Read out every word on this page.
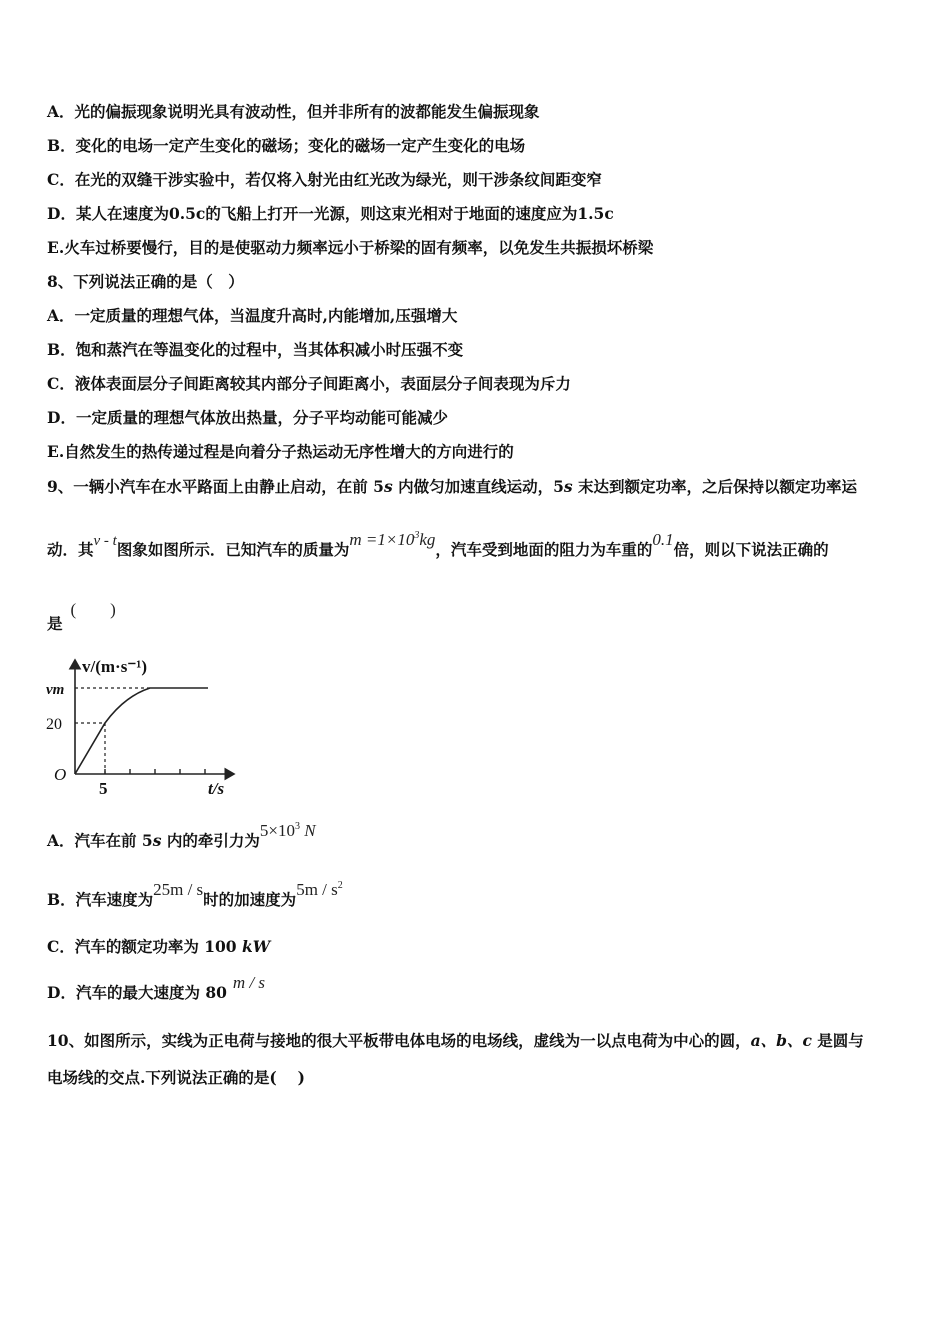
A．光的偏振现象说明光具有波动性，但并非所有的波都能发生偏振现象
B．变化的电场一定产生变化的磁场；变化的磁场一定产生变化的电场
C．在光的双缝干涉实验中，若仅将入射光由红光改为绿光，则干涉条纹间距变窄
D．某人在速度为0.5c的飞船上打开一光源，则这束光相对于地面的速度应为1.5c
E.火车过桥要慢行，目的是使驱动力频率远小于桥梁的固有频率，以免发生共振损坏桥梁
8、下列说法正确的是（　）
A．一定质量的理想气体，当温度升高时,内能增加,压强增大
B．饱和蒸汽在等温变化的过程中，当其体积减小时压强不变
C．液体表面层分子间距离较其内部分子间距离小，表面层分子间表现为斥力
D．一定质量的理想气体放出热量，分子平均动能可能减少
E.自然发生的热传递过程是向着分子热运动无序性增大的方向进行的
9、一辆小汽车在水平路面上由静止启动，在前 5s 内做匀加速直线运动，5s 末达到额定功率，之后保持以额定功率运
动．其v - t图象如图所示．已知汽车的质量为$m =1\times 10^3kg$，汽车受到地面的阻力为车重的0.1倍，则以下说法正确的
是(　　)
v/(m·s⁻¹)
vm
20
O
5	t/s
A．汽车在前 5s 内的牵引力为$5\times 10^3$ N
B．汽车速度为25m / s时的加速度为$5m / s^2$
C．汽车的额定功率为 100 kW
D．汽车的最大速度为 80m / s
10、如图所示，实线为正电荷与接地的很大平板带电体电场的电场线，虚线为一以点电荷为中心的圆，a、b、c 是圆与
电场线的交点.下列说法正确的是(　 )
